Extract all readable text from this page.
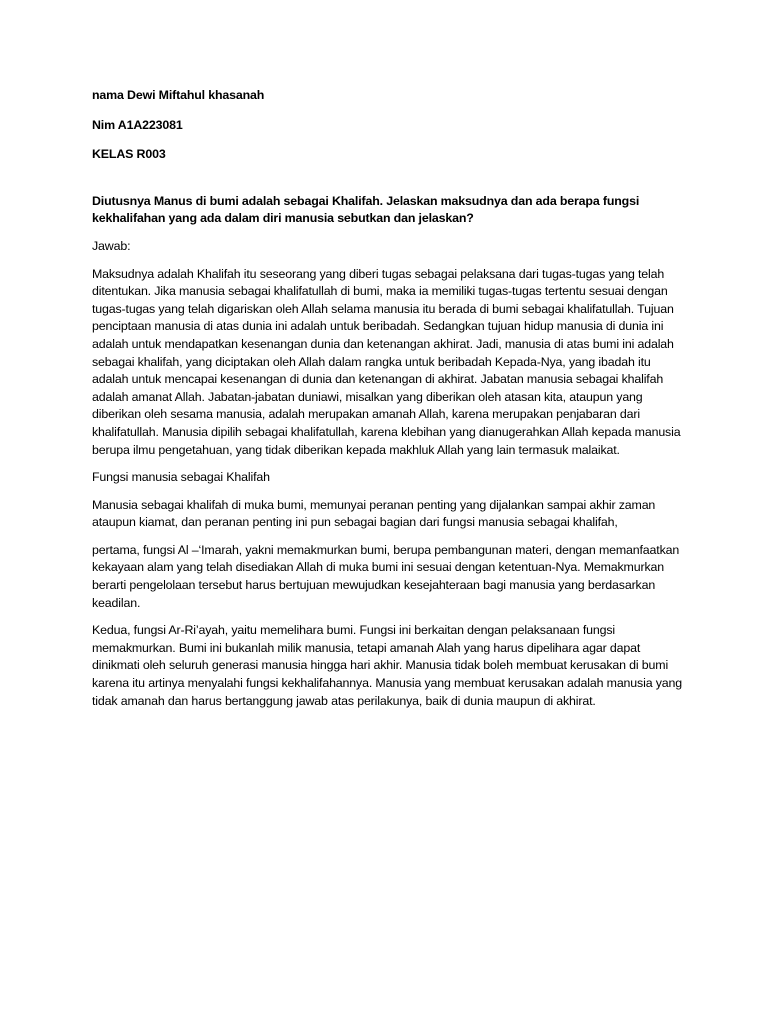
nama Dewi Miftahul khasanah

Nim A1A223081

KELAS R003

Diutusnya Manus di bumi adalah sebagai Khalifah. Jelaskan maksudnya dan ada berapa fungsi kekhalifahan yang ada dalam diri manusia sebutkan dan jelaskan?

Jawab:

Maksudnya adalah Khalifah itu seseorang yang diberi tugas sebagai pelaksana dari tugas-tugas yang telah ditentukan. Jika manusia sebagai khalifatullah di bumi, maka ia memiliki tugas-tugas tertentu sesuai dengan tugas-tugas yang telah digariskan oleh Allah selama manusia itu berada di bumi sebagai khalifatullah. Tujuan penciptaan manusia di atas dunia ini adalah untuk beribadah. Sedangkan tujuan hidup manusia di dunia ini adalah untuk mendapatkan kesenangan dunia dan ketenangan akhirat. Jadi, manusia di atas bumi ini adalah sebagai khalifah, yang diciptakan oleh Allah dalam rangka untuk beribadah Kepada-Nya, yang ibadah itu adalah untuk mencapai kesenangan di dunia dan ketenangan di akhirat. Jabatan manusia sebagai khalifah adalah amanat Allah. Jabatan-jabatan duniawi, misalkan yang diberikan oleh atasan kita, ataupun yang diberikan oleh sesama manusia, adalah merupakan amanah Allah, karena merupakan penjabaran dari khalifatullah. Manusia dipilih sebagai khalifatullah, karena klebihan yang dianugerahkan Allah kepada manusia berupa ilmu pengetahuan, yang tidak diberikan kepada makhluk Allah yang lain termasuk malaikat.

Fungsi manusia sebagai Khalifah

Manusia sebagai khalifah di muka bumi, memunyai peranan penting yang dijalankan sampai akhir zaman ataupun kiamat, dan peranan penting ini pun sebagai bagian dari fungsi manusia sebagai khalifah,

pertama, fungsi Al –‘Imarah, yakni memakmurkan bumi, berupa pembangunan materi, dengan memanfaatkan kekayaan alam yang telah disediakan Allah di muka bumi ini sesuai dengan ketentuan-Nya. Memakmurkan berarti pengelolaan tersebut harus bertujuan mewujudkan kesejahteraan bagi manusia yang berdasarkan keadilan.

Kedua, fungsi Ar-Ri’ayah, yaitu memelihara bumi. Fungsi ini berkaitan dengan pelaksanaan fungsi memakmurkan. Bumi ini bukanlah milik manusia, tetapi amanah Alah yang harus dipelihara agar dapat dinikmati oleh seluruh generasi manusia hingga hari akhir. Manusia tidak boleh membuat kerusakan di bumi karena itu artinya menyalahi fungsi kekhalifahannya. Manusia yang membuat kerusakan adalah manusia yang tidak amanah dan harus bertanggung jawab atas perilakunya, baik di dunia maupun di akhirat.
